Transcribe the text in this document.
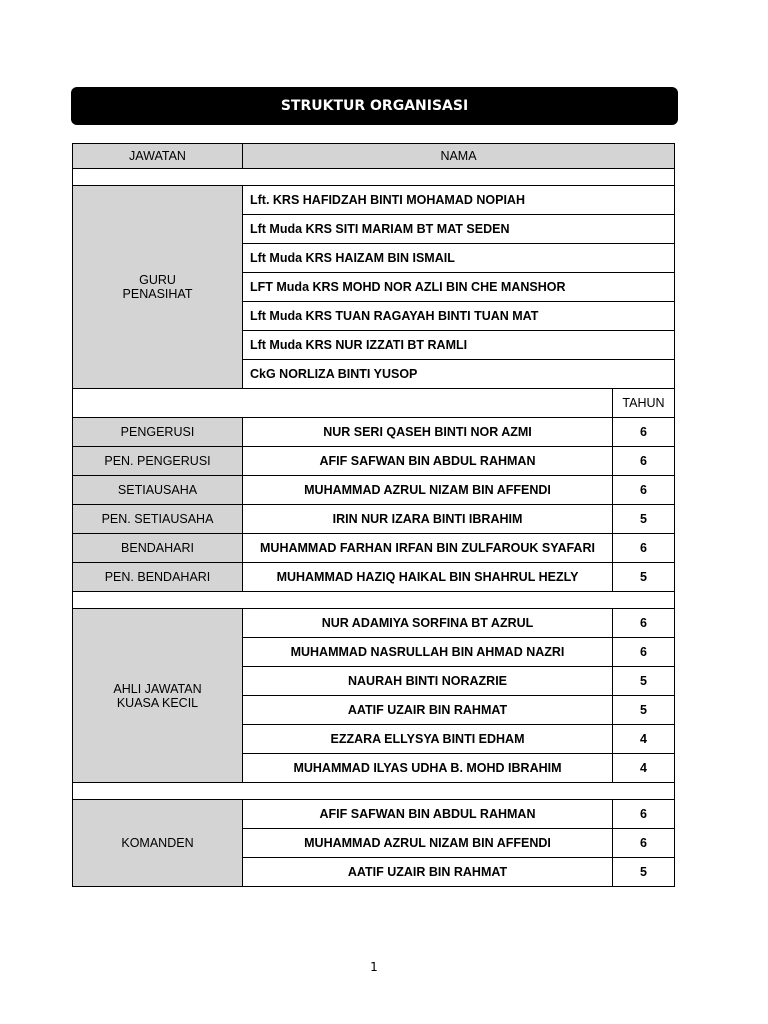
STRUKTUR ORGANISASI
JAWATAN	NAMA	

GURU
PENASIHAT	Lft. KRS HAFIDZAH BINTI MOHAMAD NOPIAH	
	Lft Muda KRS SITI MARIAM BT MAT SEDEN	
	Lft Muda KRS HAIZAM BIN ISMAIL	
	LFT Muda KRS MOHD NOR AZLI BIN CHE MANSHOR	
	Lft Muda KRS TUAN RAGAYAH BINTI TUAN MAT	
	Lft Muda KRS NUR IZZATI BT RAMLI	
	CkG NORLIZA BINTI YUSOP	
		TAHUN
PENGERUSI	NUR SERI QASEH BINTI NOR AZMI	6
PEN. PENGERUSI	AFIF SAFWAN BIN ABDUL RAHMAN	6
SETIAUSAHA	MUHAMMAD AZRUL NIZAM BIN AFFENDI	6
PEN. SETIAUSAHA	IRIN NUR IZARA BINTI IBRAHIM	5
BENDAHARI	MUHAMMAD FARHAN IRFAN BIN ZULFAROUK SYAFARI	6
PEN. BENDAHARI	MUHAMMAD HAZIQ HAIKAL BIN SHAHRUL HEZLY	5

AHLI JAWATAN
KUASA KECIL	NUR ADAMIYA SORFINA BT AZRUL	6
	MUHAMMAD NASRULLAH BIN AHMAD NAZRI	6
	NAURAH BINTI NORAZRIE	5
	AATIF UZAIR BIN RAHMAT	5
	EZZARA ELLYSYA BINTI EDHAM	4
	MUHAMMAD ILYAS UDHA B. MOHD IBRAHIM	4

KOMANDEN	AFIF SAFWAN BIN ABDUL RAHMAN	6
	MUHAMMAD AZRUL NIZAM BIN AFFENDI	6
	AATIF UZAIR BIN RAHMAT	5
1
